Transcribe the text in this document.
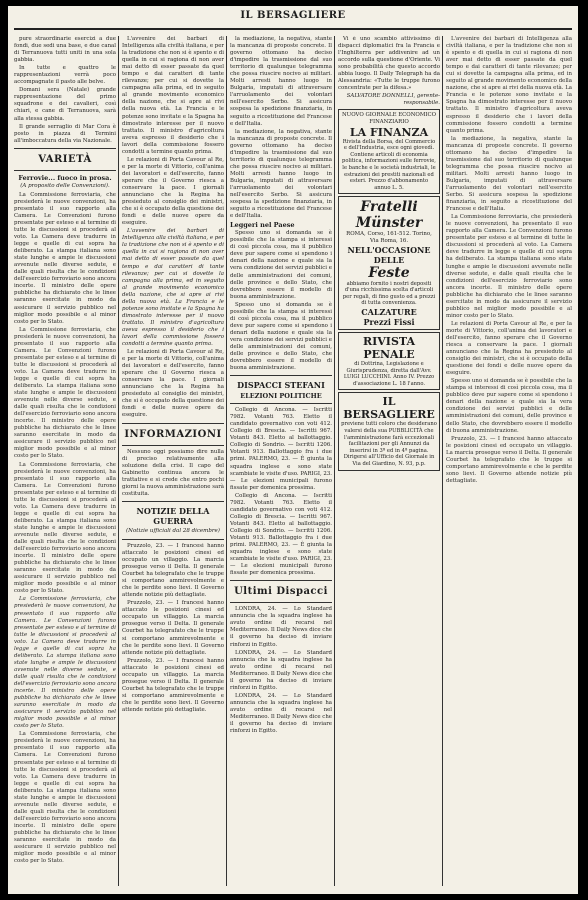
IL BERSAGLIERE

pure straordinarie esercizi a due fondi, due sedi una base, e due canal di Terranuova tutti uniti in una sola gabbia.

In tutte e quattro le rappresentazioni verrà poco accompagnate il pasto alle belve.

Domani sera (Natale) grande rappresentazione del primo squadrone e dei cavalieri, così chiari, e cane di Terranuova, sarà alla stessa gabbia.

Il grande serraglio di Mar Cora è posto in piazza di Termini all'imboccatura della via Nazionale.

VARIETÀ
Ferrovie... fuoco in prosa.
(A proposito delle Convenzioni).

La Commissione ferroviaria, che presiederà le nuove convenzioni, ha presentato il suo rapporto alla Camera. Le Convenzioni furono presentate per esteso e al termine di tutte le discussioni si procederà al voto. La Camera deve tradurre in legge e quelle di cui sopra ha deliberato. La stampa italiana sono state lunghe e ampie le discussioni avvenute nelle diverse sedute, e dalle quali risulta che le condizioni dell'esercizio ferroviario sono ancora incerte. Il ministro delle opere pubbliche ha dichiarato che le linee saranno esercitate in modo da assicurare il servizio pubblico nel miglior modo possibile e al minor costo per lo Stato.

La Commissione ferroviaria, che presiederà le nuove convenzioni, ha presentato il suo rapporto alla Camera. Le Convenzioni furono presentate per esteso e al termine di tutte le discussioni si procederà al voto. La Camera deve tradurre in legge e quelle di cui sopra ha deliberato. La stampa italiana sono state lunghe e ampie le discussioni avvenute nelle diverse sedute, e dalle quali risulta che le condizioni dell'esercizio ferroviario sono ancora incerte. Il ministro delle opere pubbliche ha dichiarato che le linee saranno esercitate in modo da assicurare il servizio pubblico nel miglior modo possibile e al minor costo per lo Stato.

La Commissione ferroviaria, che presiederà le nuove convenzioni, ha presentato il suo rapporto alla Camera. Le Convenzioni furono presentate per esteso e al termine di tutte le discussioni si procederà al voto. La Camera deve tradurre in legge e quelle di cui sopra ha deliberato. La stampa italiana sono state lunghe e ampie le discussioni avvenute nelle diverse sedute, e dalle quali risulta che le condizioni dell'esercizio ferroviario sono ancora incerte. Il ministro delle opere pubbliche ha dichiarato che le linee saranno esercitate in modo da assicurare il servizio pubblico nel miglior modo possibile e al minor costo per lo Stato.

La Commissione ferroviaria, che presiederà le nuove convenzioni, ha presentato il suo rapporto alla Camera. Le Convenzioni furono presentate per esteso e al termine di tutte le discussioni si procederà al voto. La Camera deve tradurre in legge e quelle di cui sopra ha deliberato. La stampa italiana sono state lunghe e ampie le discussioni avvenute nelle diverse sedute, e dalle quali risulta che le condizioni dell'esercizio ferroviario sono ancora incerte. Il ministro delle opere pubbliche ha dichiarato che le linee saranno esercitate in modo da assicurare il servizio pubblico nel miglior modo possibile e al minor costo per lo Stato.

La Commissione ferroviaria, che presiederà le nuove convenzioni, ha presentato il suo rapporto alla Camera. Le Convenzioni furono presentate per esteso e al termine di tutte le discussioni si procederà al voto. La Camera deve tradurre in legge e quelle di cui sopra ha deliberato. La stampa italiana sono state lunghe e ampie le discussioni avvenute nelle diverse sedute, e dalle quali risulta che le condizioni dell'esercizio ferroviario sono ancora incerte. Il ministro delle opere pubbliche ha dichiarato che le linee saranno esercitate in modo da assicurare il servizio pubblico nel miglior modo possibile e al minor costo per lo Stato.

L'avvenire dei barbari di Intelligenza alla civiltà italiana, e per la tradizione che non si è spento e di quella in cui si ragiona di non aver mai detto di esser passate da quel tempo e dai caratteri di tante rilevanze; per cui si dovette la campagna alla prima, ed in seguito al grande movimento economico della nazione, che si apre ai rivi della nuova età. La Francia e le potenze sono invitate e la Spagna ha dimostrato interesse per il nuovo trattato. Il ministro d'agricoltura aveva espresso il desiderio che i lavori della commissione fossero condotti a termine quanto prima.

Le relazioni di Porta Cavour al Re, e per la morte di Vittorio, coll'anima dei lavoratori e dell'esercito, fanno sperare che il Governo riesca a conservare la pace. I giornali annunciano che la Regina ha presieduto al consiglio dei ministri, che si è occupato della questione dei fondi e delle nuove opere da eseguire.

L'avvenire dei barbari di Intelligenza alla civiltà italiana, e per la tradizione che non si è spento e di quella in cui si ragiona di non aver mai detto di esser passate da quel tempo e dai caratteri di tante rilevanze; per cui si dovette la campagna alla prima, ed in seguito al grande movimento economico della nazione, che si apre ai rivi della nuova età. La Francia e le potenze sono invitate e la Spagna ha dimostrato interesse per il nuovo trattato. Il ministro d'agricoltura aveva espresso il desiderio che i lavori della commissione fossero condotti a termine quanto prima.

Le relazioni di Porta Cavour al Re, e per la morte di Vittorio, coll'anima dei lavoratori e dell'esercito, fanno sperare che il Governo riesca a conservare la pace. I giornali annunciano che la Regina ha presieduto al consiglio dei ministri, che si è occupato della questione dei fondi e delle nuove opere da eseguire.

INFORMAZIONI

Nessuno oggi possiamo dire nulla di preciso relativamente alla soluzione della crisi. Il capo del Gabinetto continua ancora le trattative e si crede che entro pochi giorni la nuova amministrazione sarà costituita.

NOTIZIE DELLA GUERRA
(Notizie ufficiali dal 28 dicembre)

Pruzzolo, 23. — I francesi hanno attaccato le posizioni cinesi ed occupato un villaggio. La marcia prosegue verso il Delta. Il generale Courbet ha telegrafato che le truppe si comportano ammirevolmente e che le perdite sono lievi. Il Governo attende notizie più dettagliate.

Pruzzolo, 23. — I francesi hanno attaccato le posizioni cinesi ed occupato un villaggio. La marcia prosegue verso il Delta. Il generale Courbet ha telegrafato che le truppe si comportano ammirevolmente e che le perdite sono lievi. Il Governo attende notizie più dettagliate.

Pruzzolo, 23. — I francesi hanno attaccato le posizioni cinesi ed occupato un villaggio. La marcia prosegue verso il Delta. Il generale Courbet ha telegrafato che le truppe si comportano ammirevolmente e che le perdite sono lievi. Il Governo attende notizie più dettagliate.

la mediazione, la negativa, stante la mancanza di proposte concrete. Il governo ottomano ha deciso d'impedire la trasmissione dal suo territorio di qualunque telegramma che possa riuscire nocivo ai militari. Molti arresti hanno luogo in Bulgaria, imputati di attraversare l'arruolamento dei volontari nell'esercito Serbo. Si assicura sospesa la spedizione finanziaria, in seguito a ricostituzione del Francese e dell'Italia.

la mediazione, la negativa, stante la mancanza di proposte concrete. Il governo ottomano ha deciso d'impedire la trasmissione dal suo territorio di qualunque telegramma che possa riuscire nocivo ai militari. Molti arresti hanno luogo in Bulgaria, imputati di attraversare l'arruolamento dei volontari nell'esercito Serbo. Si assicura sospesa la spedizione finanziaria, in seguito a ricostituzione del Francese e dell'Italia.

Leggeri nel Paese

Spesso uno si domanda se è possibile che la stampa si interessi di così piccola cosa, ma il pubblico deve pur sapere come si spendono i denari della nazione e quale sia la vera condizione dei servizi pubblici e delle amministrazioni dei comuni, delle province e dello Stato, che dovrebbero essere il modello di buona amministrazione.

Spesso uno si domanda se è possibile che la stampa si interessi di così piccola cosa, ma il pubblico deve pur sapere come si spendono i denari della nazione e quale sia la vera condizione dei servizi pubblici e delle amministrazioni dei comuni, delle province e dello Stato, che dovrebbero essere il modello di buona amministrazione.

DISPACCI STEFANI
ELEZIONI POLITICHE

Collegio di Ancona. — Iscritti 7982. Votanti 763. Eletto il candidato governativo con voti 412. Collegio di Brescia. — Iscritti 967. Votanti 843. Eletto al ballottaggio. Collegio di Sondrio. — Iscritti 1206. Votanti 913. Ballottaggio fra i due primi. PALERMO, 23. — È giunta la squadra inglese e sono state scambiate le visite d'uso. PARIGI, 23. — Le elezioni municipali furono fissate per domenica prossima.

Collegio di Ancona. — Iscritti 7982. Votanti 763. Eletto il candidato governativo con voti 412. Collegio di Brescia. — Iscritti 967. Votanti 843. Eletto al ballottaggio. Collegio di Sondrio. — Iscritti 1206. Votanti 913. Ballottaggio fra i due primi. PALERMO, 23. — È giunta la squadra inglese e sono state scambiate le visite d'uso. PARIGI, 23. — Le elezioni municipali furono fissate per domenica prossima.

Ultimi Dispacci

LONDRA, 24. — Lo Standard annuncia che la squadra inglese ha avuto ordine di recarsi nel Mediterraneo. Il Daily News dice che il governo ha deciso di inviare rinforzi in Egitto.

LONDRA, 24. — Lo Standard annuncia che la squadra inglese ha avuto ordine di recarsi nel Mediterraneo. Il Daily News dice che il governo ha deciso di inviare rinforzi in Egitto.

LONDRA, 24. — Lo Standard annuncia che la squadra inglese ha avuto ordine di recarsi nel Mediterraneo. Il Daily News dice che il governo ha deciso di inviare rinforzi in Egitto.

Vi è uno scambio attivissimo di dispacci diplomatici fra la Francia e l'Inghilterra per addivenire ad un accordo sulla questione d'Oriente. Vi sono probabilità che questo accordo abbia luogo. Il Daily Telegraph ha da Alessandria: «Tutte le truppe furono concentrate per la difesa.»

SALVATORE DONNELLI, gerente-responsabile.

NUOVO GIORNALE ECONOMICO FINANZIARIO
LA FINANZA
Rivista della Borsa, del Commercio e dell'Industria, esce ogni giovedì. Contiene articoli di economia politica, informazioni sulle ferrovie, le banche e le società industriali, le estrazioni dei prestiti nazionali ed esteri. Prezzo d'abbonamento annuo L. 5.
Fratelli Münster
ROMA, Corso, 161-512. Torino, Via Roma, 16.
NELL'OCCASIONE DELLE
Feste
abbiamo fornito i nostri depositi d'una ricchissima scelta d'articoli per regali, di fino gusto ed a prezzi di tutta convenienza.
CALZATURE
Prezzi Fissi
RIVISTA PENALE
di Dottrina, Legislazione e Giurisprudenza, diretta dall'Avv. LUIGI LUCCHINI. Anno IV. Prezzo d'associazione L. 18 l'anno.
IL BERSAGLIERE
previene tutti coloro che desiderano valersi della sua PUBBLICITÀ che l'amministrazione farà eccezionali facilitazioni per gli Annunzi da inserirsi in 3ª ed in 4ª pagina. Dirigersi all'Ufficio del Giornale in Via del Giardino, N. 93, p.p.

L'avvenire dei barbari di Intelligenza alla civiltà italiana, e per la tradizione che non si è spento e di quella in cui si ragiona di non aver mai detto di esser passate da quel tempo e dai caratteri di tante rilevanze; per cui si dovette la campagna alla prima, ed in seguito al grande movimento economico della nazione, che si apre ai rivi della nuova età. La Francia e le potenze sono invitate e la Spagna ha dimostrato interesse per il nuovo trattato. Il ministro d'agricoltura aveva espresso il desiderio che i lavori della commissione fossero condotti a termine quanto prima.

la mediazione, la negativa, stante la mancanza di proposte concrete. Il governo ottomano ha deciso d'impedire la trasmissione dal suo territorio di qualunque telegramma che possa riuscire nocivo ai militari. Molti arresti hanno luogo in Bulgaria, imputati di attraversare l'arruolamento dei volontari nell'esercito Serbo. Si assicura sospesa la spedizione finanziaria, in seguito a ricostituzione del Francese e dell'Italia.

La Commissione ferroviaria, che presiederà le nuove convenzioni, ha presentato il suo rapporto alla Camera. Le Convenzioni furono presentate per esteso e al termine di tutte le discussioni si procederà al voto. La Camera deve tradurre in legge e quelle di cui sopra ha deliberato. La stampa italiana sono state lunghe e ampie le discussioni avvenute nelle diverse sedute, e dalle quali risulta che le condizioni dell'esercizio ferroviario sono ancora incerte. Il ministro delle opere pubbliche ha dichiarato che le linee saranno esercitate in modo da assicurare il servizio pubblico nel miglior modo possibile e al minor costo per lo Stato.

Le relazioni di Porta Cavour al Re, e per la morte di Vittorio, coll'anima dei lavoratori e dell'esercito, fanno sperare che il Governo riesca a conservare la pace. I giornali annunciano che la Regina ha presieduto al consiglio dei ministri, che si è occupato della questione dei fondi e delle nuove opere da eseguire.

Spesso uno si domanda se è possibile che la stampa si interessi di così piccola cosa, ma il pubblico deve pur sapere come si spendono i denari della nazione e quale sia la vera condizione dei servizi pubblici e delle amministrazioni dei comuni, delle province e dello Stato, che dovrebbero essere il modello di buona amministrazione.

Pruzzolo, 23. — I francesi hanno attaccato le posizioni cinesi ed occupato un villaggio. La marcia prosegue verso il Delta. Il generale Courbet ha telegrafato che le truppe si comportano ammirevolmente e che le perdite sono lievi. Il Governo attende notizie più dettagliate.
